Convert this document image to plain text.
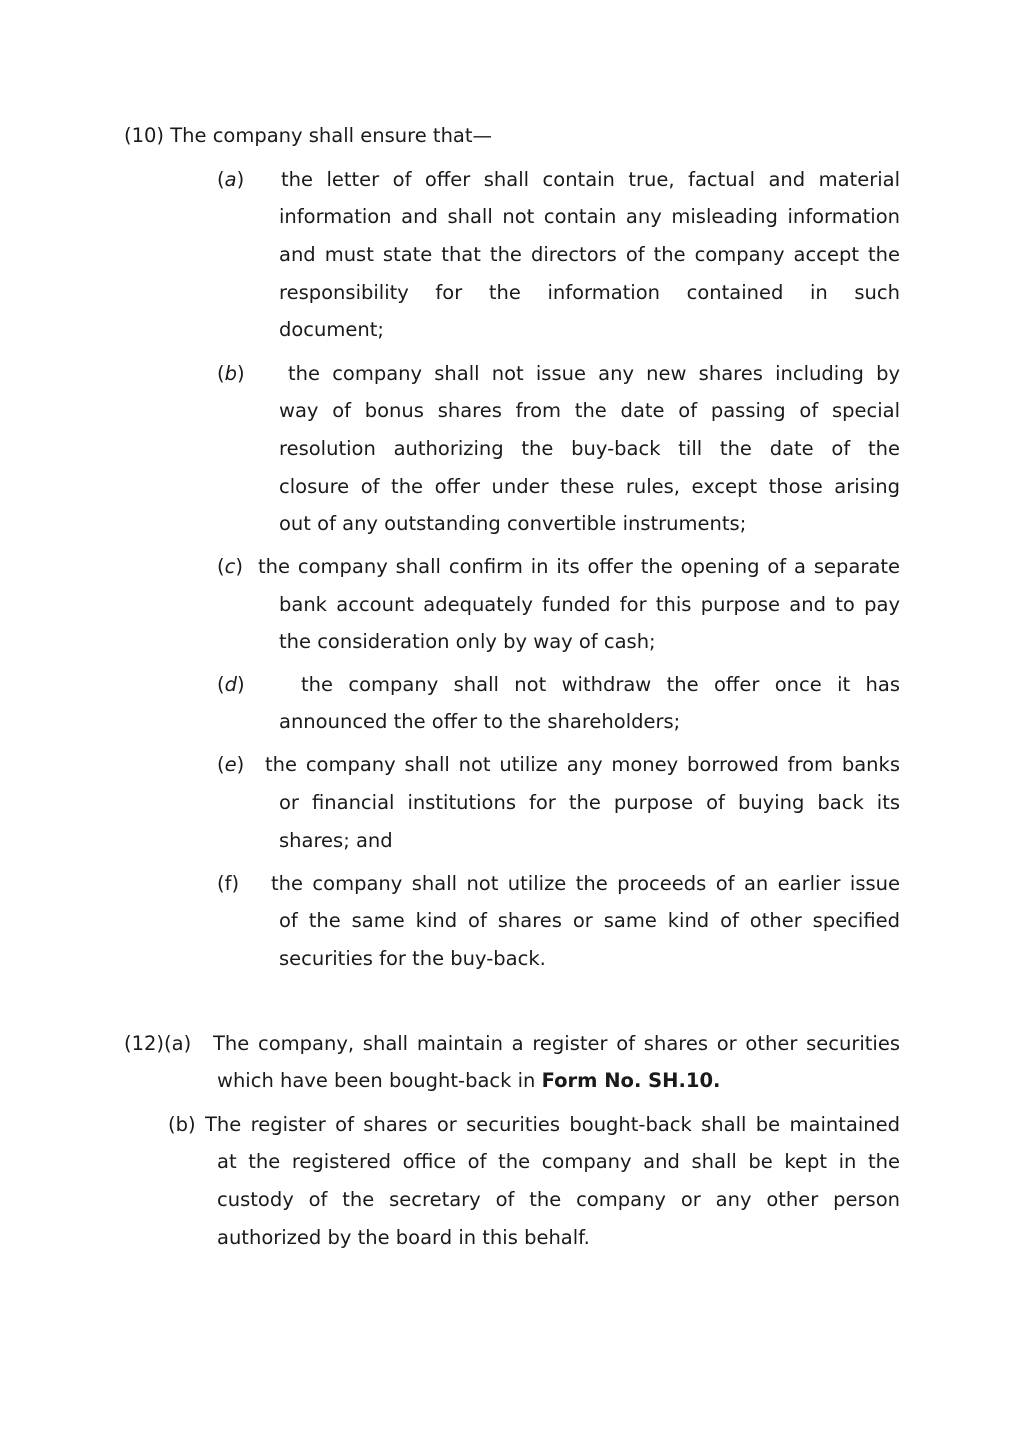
(10) The company shall ensure that—
(a) the letter of offer shall contain true, factual and material
information and shall not contain any misleading information
and must state that the directors of the company accept the
responsibility for the information contained in such
document;
(b) the company shall not issue any new shares including by
way of bonus shares from the date of passing of special
resolution authorizing the buy-back till the date of the
closure of the offer under these rules, except those arising
out of any outstanding convertible instruments;
(c) the company shall confirm in its offer the opening of a separate
bank account adequately funded for this purpose and to pay
the consideration only by way of cash;
(d)	the company shall not withdraw the offer once it has
announced the offer to the shareholders;
(e) the company shall not utilize any money borrowed from banks
or financial institutions for the purpose of buying back its
shares; and
(f) the company shall not utilize the proceeds of an earlier issue
of the same kind of shares or same kind of other specified
securities for the buy-back.
(12)(a) The company, shall maintain a register of shares or other securities
which have been bought-back in Form No. SH.10.
(b) The register of shares or securities bought-back shall be maintained
at the registered office of the company and shall be kept in the
custody of the secretary of the company or any other person
authorized by the board in this behalf.
